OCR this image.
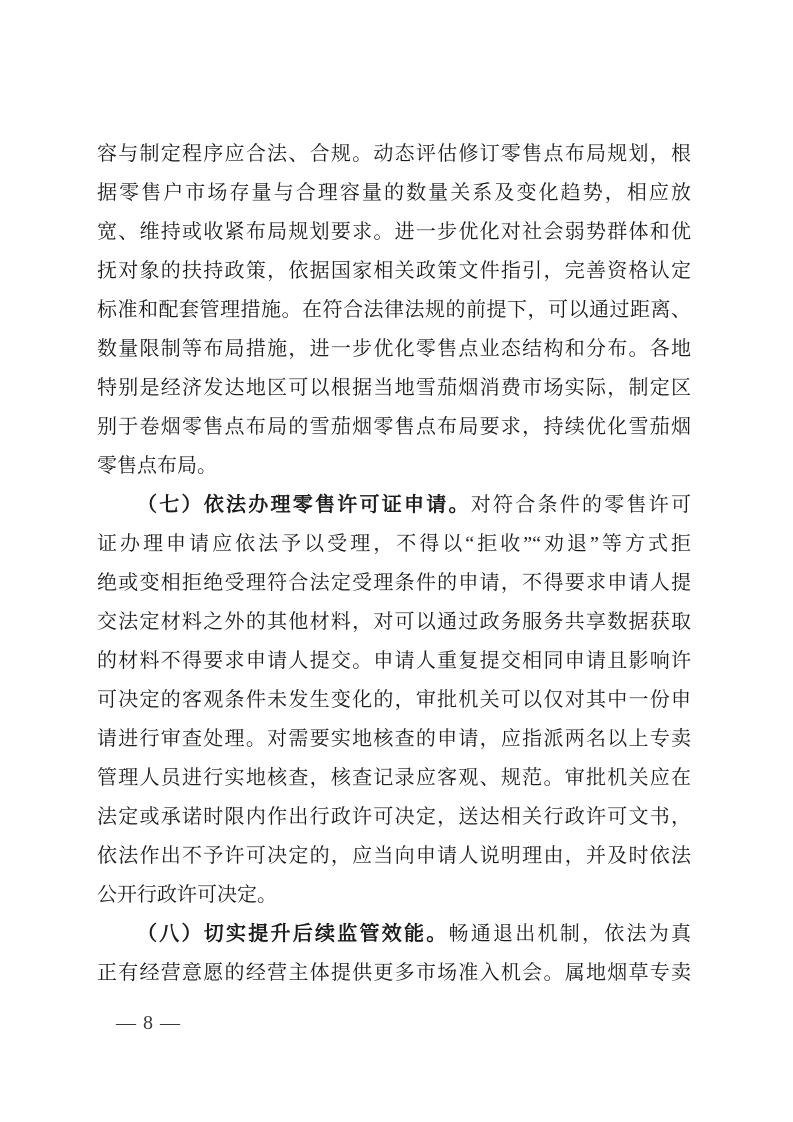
容与制定程序应合法、合规。动态评估修订零售点布局规划，根
据零售户市场存量与合理容量的数量关系及变化趋势，相应放
宽、维持或收紧布局规划要求。进一步优化对社会弱势群体和优
抚对象的扶持政策，依据国家相关政策文件指引，完善资格认定
标准和配套管理措施。在符合法律法规的前提下，可以通过距离、
数量限制等布局措施，进一步优化零售点业态结构和分布。各地
特别是经济发达地区可以根据当地雪茄烟消费市场实际，制定区
别于卷烟零售点布局的雪茄烟零售点布局要求，持续优化雪茄烟
零售点布局。
（七）依法办理零售许可证申请。对符合条件的零售许可
证办理申请应依法予以受理，不得以“拒收”“劝退”等方式拒
绝或变相拒绝受理符合法定受理条件的申请，不得要求申请人提
交法定材料之外的其他材料，对可以通过政务服务共享数据获取
的材料不得要求申请人提交。申请人重复提交相同申请且影响许
可决定的客观条件未发生变化的，审批机关可以仅对其中一份申
请进行审查处理。对需要实地核查的申请，应指派两名以上专卖
管理人员进行实地核查，核查记录应客观、规范。审批机关应在
法定或承诺时限内作出行政许可决定，送达相关行政许可文书，
依法作出不予许可决定的，应当向申请人说明理由，并及时依法
公开行政许可决定。
（八）切实提升后续监管效能。畅通退出机制，依法为真
正有经营意愿的经营主体提供更多市场准入机会。属地烟草专卖
— 8 —
